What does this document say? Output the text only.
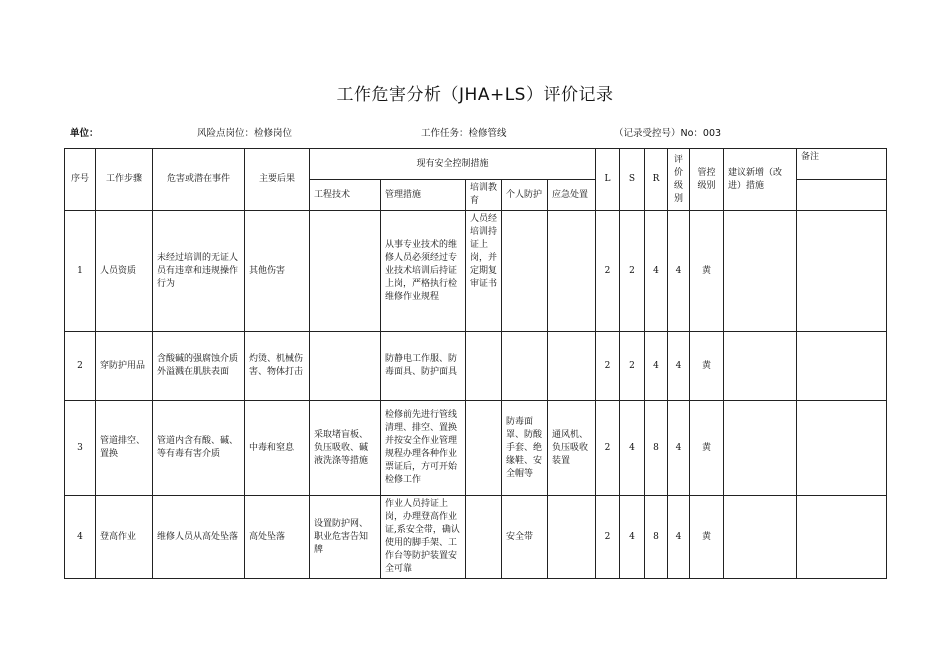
工作危害分析（JHA+LS）评价记录
单位：	风险点岗位：检修岗位	工作任务：检修管线	（记录受控号）No：003
序号	工作步骤	危害或潜在事件	主要后果	现有安全控制措施					L	S	R	评价级别	管控级别	建议新增（改进）措施	备注
				工程技术	管理措施	培训教育	个人防护	应急处置							
1	人员资质	未经过培训的无证人员有违章和违规操作行为	其他伤害		从事专业技术的维修人员必须经过专业技术培训后持证上岗，严格执行检维修作业规程	人员经培训持证上岗，并定期复审证书			2	2	4	4	黄		
2	穿防护用品	含酸碱的强腐蚀介质外溢溅在肌肤表面	灼烫、机械伤害、物体打击		防静电工作服、防毒面具、防护面具				2	2	4	4	黄		
3	管道排空、置换	管道内含有酸、碱、等有毒有害介质	中毒和窒息	采取堵盲板、负压吸收、碱液洗涤等措施	检修前先进行管线清理、排空、置换并按安全作业管理规程办理各种作业票证后，方可开始检修工作		防毒面罩、防酸手套、绝缘鞋、安全帽等	通风机、负压吸收装置	2	4	8	4	黄		
4	登高作业	维修人员从高处坠落	高处坠落	设置防护网、职业危害告知牌	作业人员持证上岗，办理登高作业证,系安全带，确认使用的脚手架、工作台等防护装置安全可靠		安全带		2	4	8	4	黄		
